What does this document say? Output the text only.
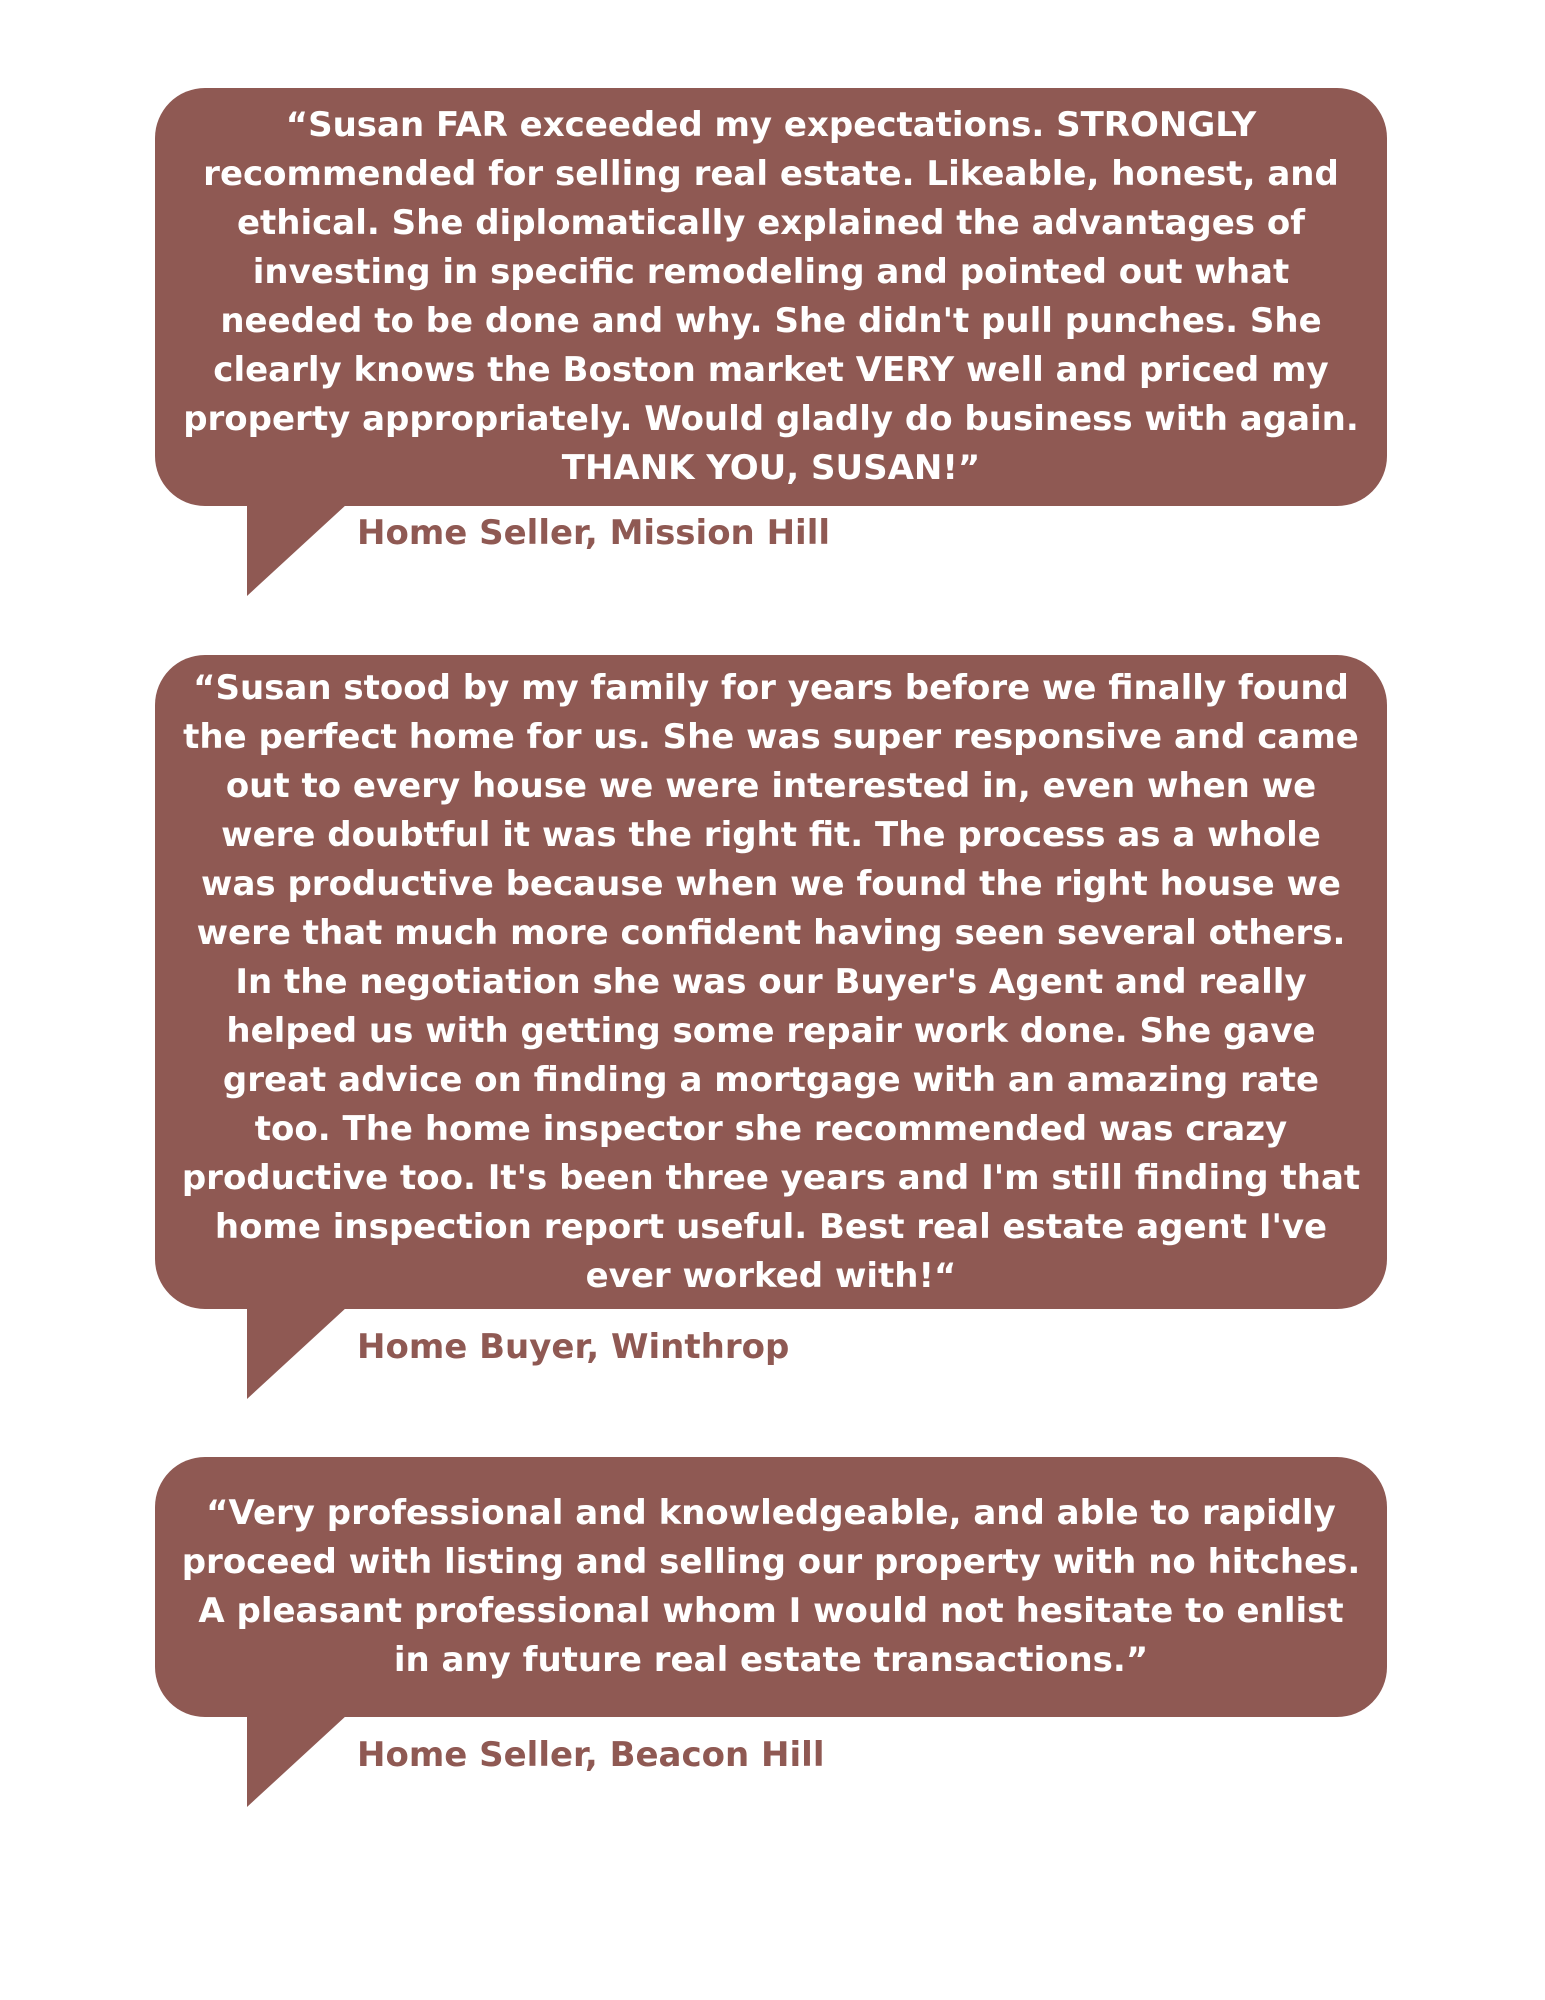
“Susan FAR exceeded my expectations. STRONGLY recommended for selling real estate. Likeable, honest, and ethical. She diplomatically explained the advantages of investing in specific remodeling and pointed out what needed to be done and why. She didn't pull punches. She clearly knows the Boston market VERY well and priced my property appropriately. Would gladly do business with again. THANK YOU, SUSAN!”

Home Seller, Mission Hill

“Susan stood by my family for years before we finally found the perfect home for us. She was super responsive and came out to every house we were interested in, even when we were doubtful it was the right fit. The process as a whole was productive because when we found the right house we were that much more confident having seen several others. In the negotiation she was our Buyer's Agent and really helped us with getting some repair work done. She gave great advice on finding a mortgage with an amazing rate too. The home inspector she recommended was crazy productive too. It's been three years and I'm still finding that home inspection report useful. Best real estate agent I've ever worked with!“

Home Buyer, Winthrop

“Very professional and knowledgeable, and able to rapidly proceed with listing and selling our property with no hitches. A pleasant professional whom I would not hesitate to enlist in any future real estate transactions.”

Home Seller, Beacon Hill
